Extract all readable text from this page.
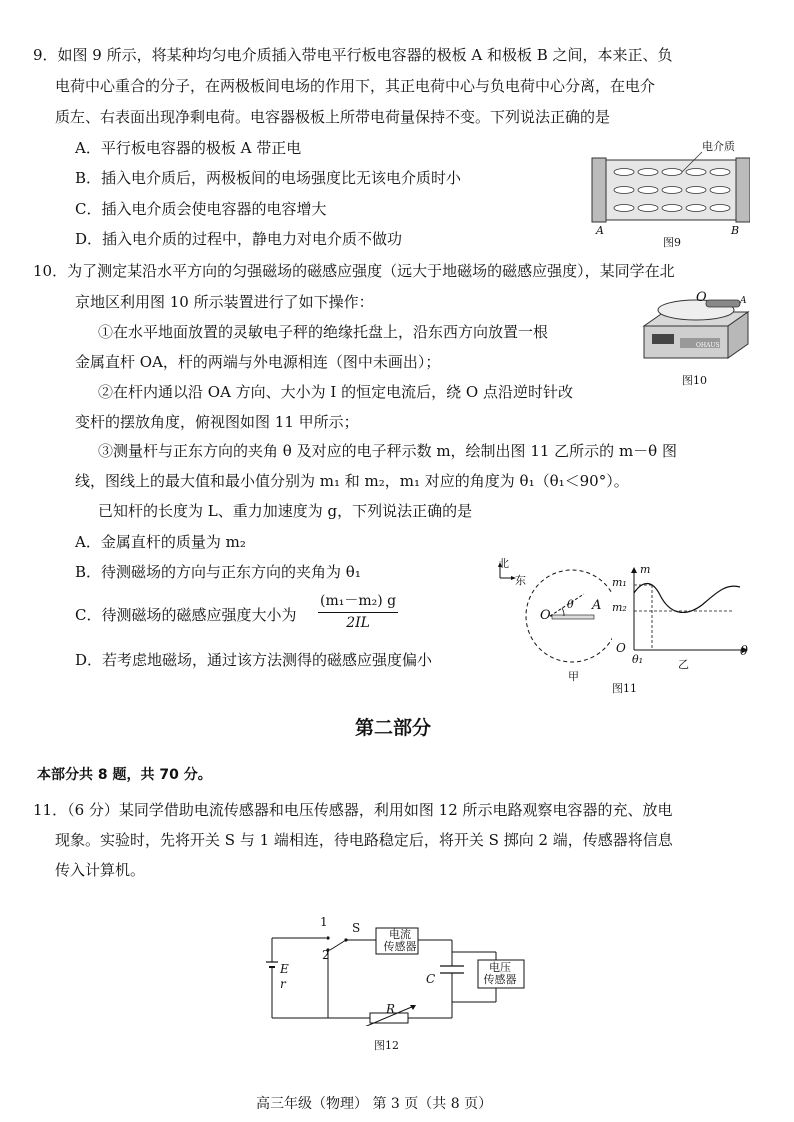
9．如图 9 所示，将某种均匀电介质插入带电平行板电容器的极板 A 和极板 B 之间，本来正、负
电荷中心重合的分子，在两极板间电场的作用下，其正电荷中心与负电荷中心分离，在电介
质左、右表面出现净剩电荷。电容器极板上所带电荷量保持不变。下列说法正确的是
A．平行板电容器的极板 A 带正电
B．插入电介质后，两极板间的电场强度比无该电介质时小
C．插入电介质会使电容器的电容增大
D．插入电介质的过程中，静电力对电介质不做功
电介质
A	B
图9
10．为了测定某沿水平方向的匀强磁场的磁感应强度（远大于地磁场的磁感应强度），某同学在北
京地区利用图 10 所示装置进行了如下操作：
①在水平地面放置的灵敏电子秤的绝缘托盘上，沿东西方向放置一根
金属直杆 OA，杆的两端与外电源相连（图中未画出）；
②在杆内通以沿 OA 方向、大小为 I 的恒定电流后，绕 O 点沿逆时针改
变杆的摆放角度，俯视图如图 11 甲所示；
③测量杆与正东方向的夹角 θ 及对应的电子秤示数 m，绘制出图 11 乙所示的 m－θ 图
线，图线上的最大值和最小值分别为 m₁ 和 m₂，m₁ 对应的角度为 θ₁（θ₁＜90°）。
已知杆的长度为 L、重力加速度为 g，下列说法正确的是
A．金属直杆的质量为 m₂
B．待测磁场的方向与正东方向的夹角为 θ₁
C．待测磁场的磁感应强度大小为 $\frac{\text{(m₁－m₂) g}}{2IL}$
D．若考虑地磁场，通过该方法测得的磁感应强度偏小
O	A
OHAUS
图10
北
东
O
θ A
甲
m
m₁
m₂
O
θ₁	乙
θ
图11
第二部分
本部分共 8 题，共 70 分。
11．（6 分）某同学借助电流传感器和电压传感器，利用如图 12 所示电路观察电容器的充、放电
现象。实验时，先将开关 S 与 1 端相连，待电路稳定后，将开关 S 掷向 2 端，传感器将信息
传入计算机。
1
2
S
E
r	C
R
电流
传感器
电压
传感器
图12
高三年级（物理） 第 3 页（共 8 页）
